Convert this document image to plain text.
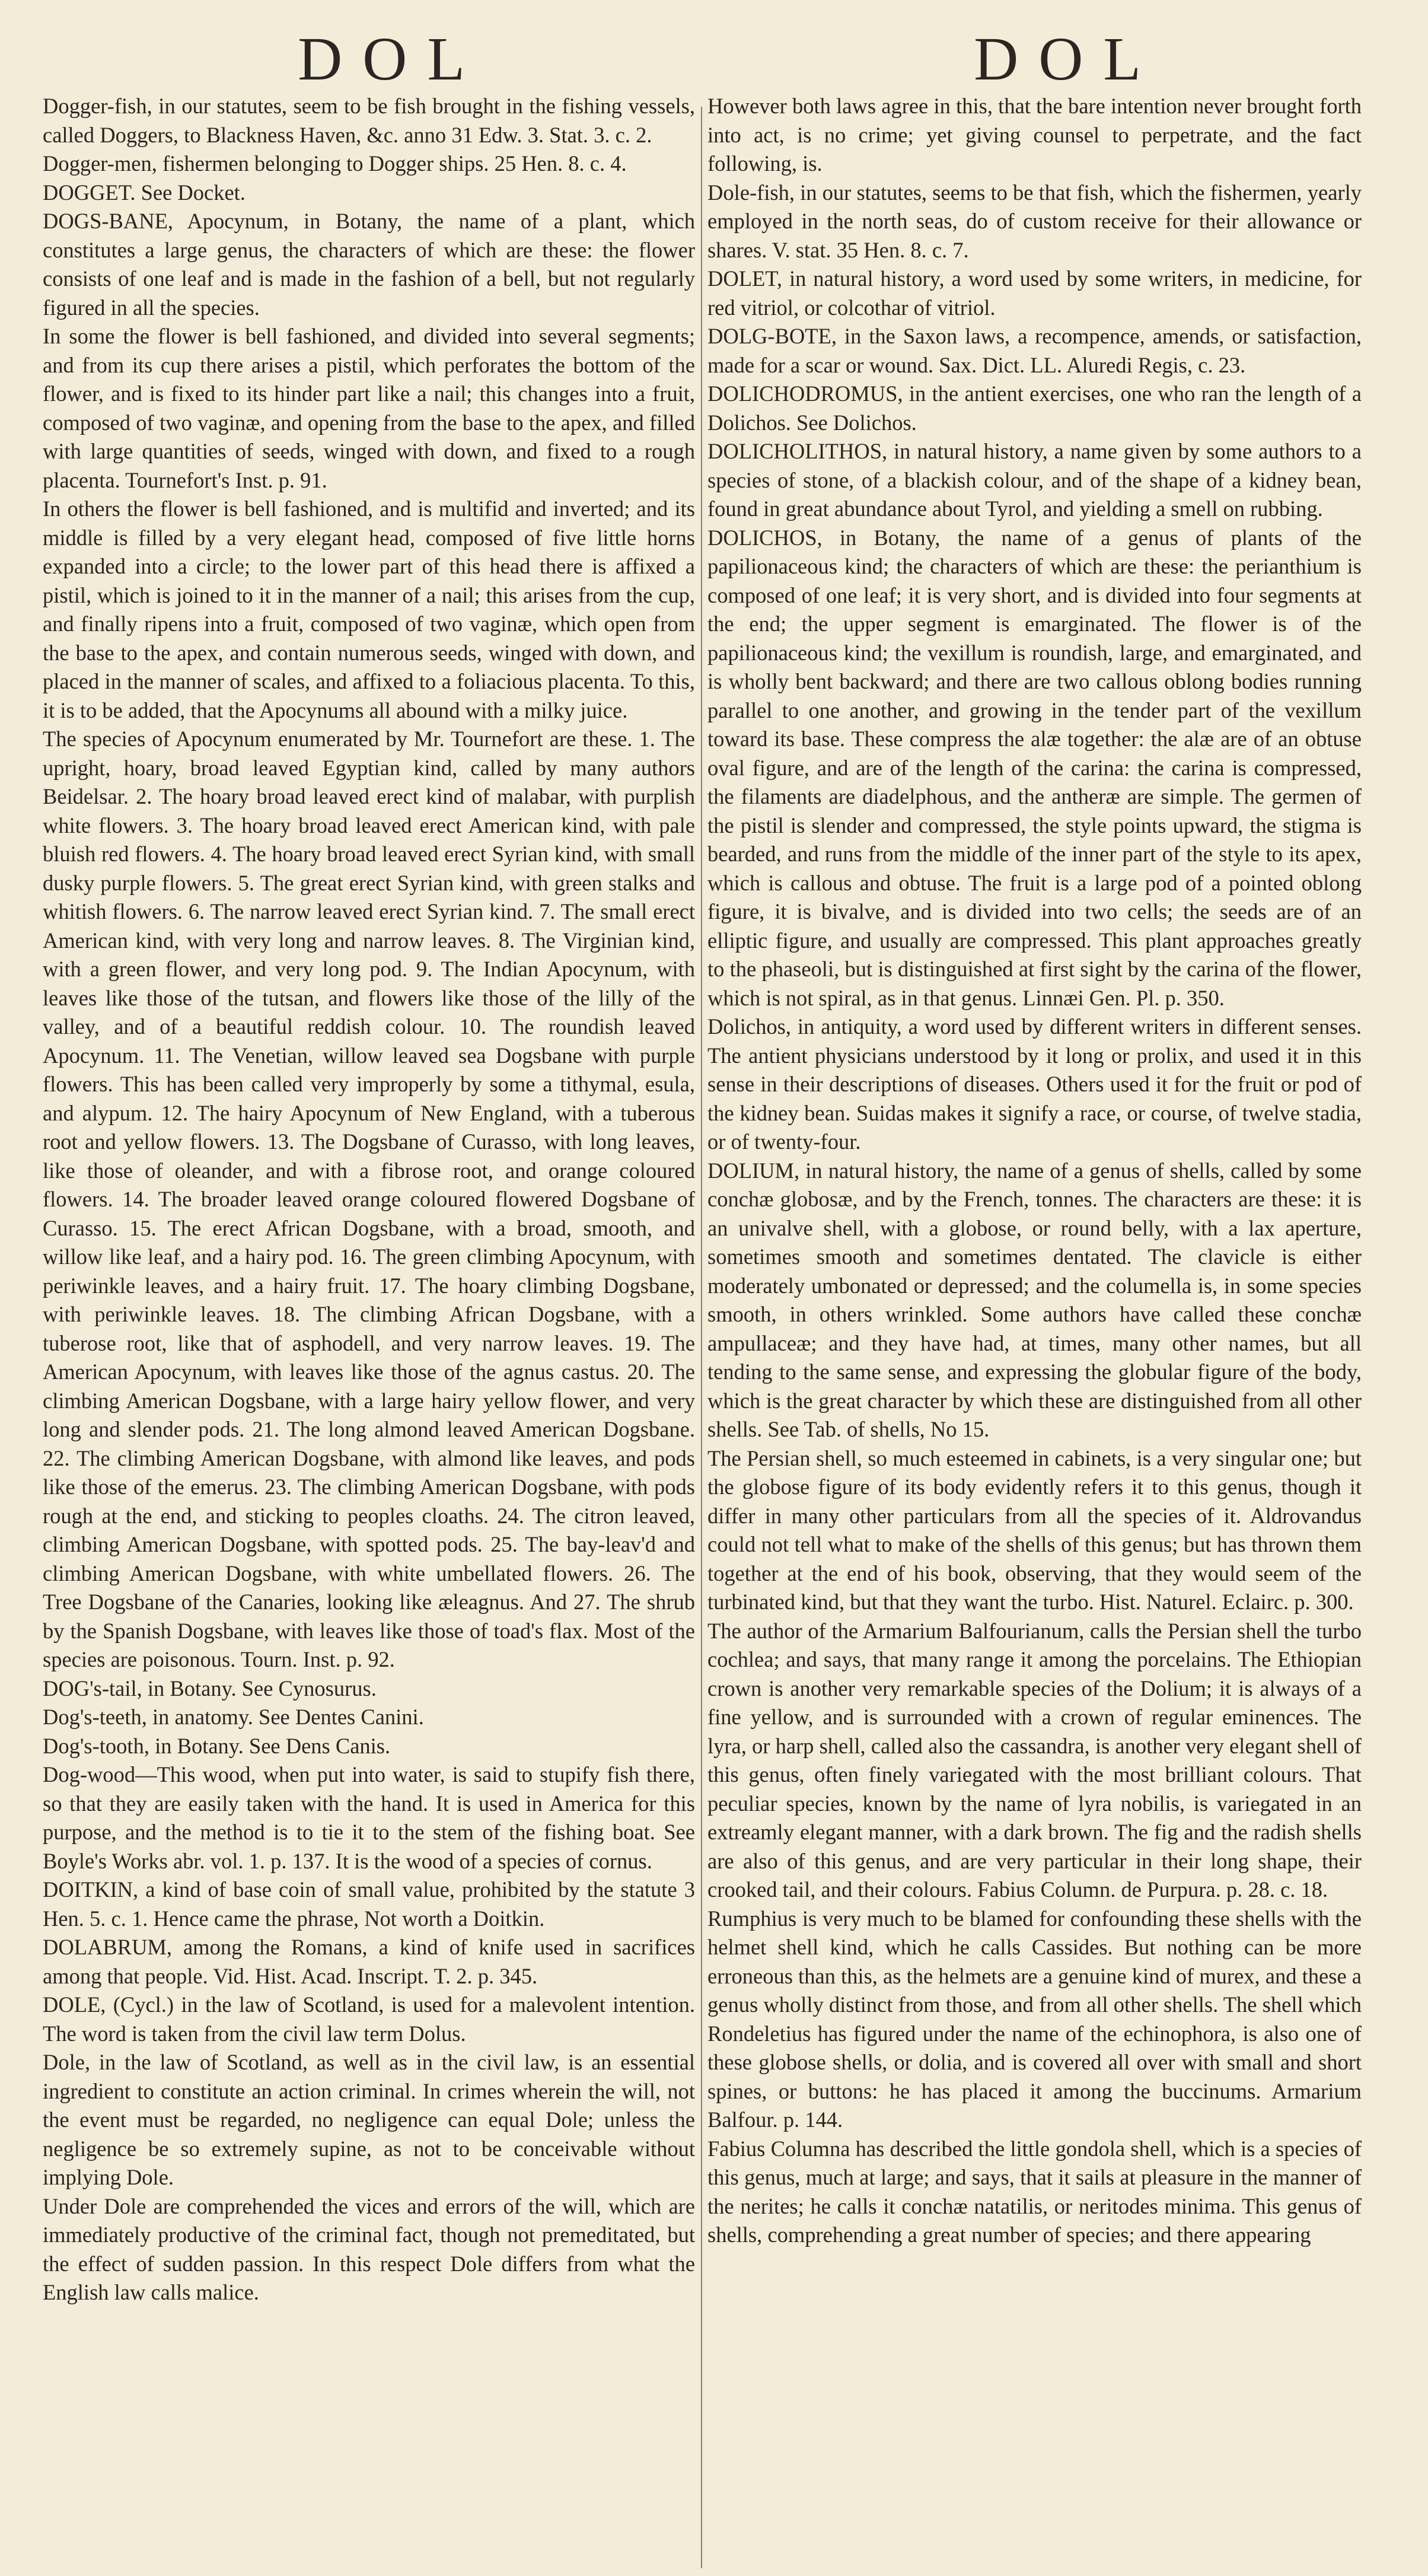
DOL	DOL

Dogger-fish, in our statutes, seem to be fish brought in the fishing vessels, called Doggers, to Blackness Haven, &c. anno 31 Edw. 3. Stat. 3. c. 2.

Dogger-men, fishermen belonging to Dogger ships. 25 Hen. 8. c. 4.

DOGGET. See Docket.

DOGS-BANE, Apocynum, in Botany, the name of a plant, which constitutes a large genus, the characters of which are these: the flower consists of one leaf and is made in the fashion of a bell, but not regularly figured in all the species.

In some the flower is bell fashioned, and divided into several segments; and from its cup there arises a pistil, which perforates the bottom of the flower, and is fixed to its hinder part like a nail; this changes into a fruit, composed of two vaginæ, and opening from the base to the apex, and filled with large quantities of seeds, winged with down, and fixed to a rough placenta. Tournefort's Inst. p. 91.

In others the flower is bell fashioned, and is multifid and inverted; and its middle is filled by a very elegant head, composed of five little horns expanded into a circle; to the lower part of this head there is affixed a pistil, which is joined to it in the manner of a nail; this arises from the cup, and finally ripens into a fruit, composed of two vaginæ, which open from the base to the apex, and contain numerous seeds, winged with down, and placed in the manner of scales, and affixed to a foliacious placenta. To this, it is to be added, that the Apocynums all abound with a milky juice.

The species of Apocynum enumerated by Mr. Tournefort are these. 1. The upright, hoary, broad leaved Egyptian kind, called by many authors Beidelsar. 2. The hoary broad leaved erect kind of malabar, with purplish white flowers. 3. The hoary broad leaved erect American kind, with pale bluish red flowers. 4. The hoary broad leaved erect Syrian kind, with small dusky purple flowers. 5. The great erect Syrian kind, with green stalks and whitish flowers. 6. The narrow leaved erect Syrian kind. 7. The small erect American kind, with very long and narrow leaves. 8. The Virginian kind, with a green flower, and very long pod. 9. The Indian Apocynum, with leaves like those of the tutsan, and flowers like those of the lilly of the valley, and of a beautiful reddish colour. 10. The roundish leaved Apocynum. 11. The Venetian, willow leaved sea Dogsbane with purple flowers. This has been called very improperly by some a tithymal, esula, and alypum. 12. The hairy Apocynum of New England, with a tuberous root and yellow flowers. 13. The Dogsbane of Curasso, with long leaves, like those of oleander, and with a fibrose root, and orange coloured flowers. 14. The broader leaved orange coloured flowered Dogsbane of Curasso. 15. The erect African Dogsbane, with a broad, smooth, and willow like leaf, and a hairy pod. 16. The green climbing Apocynum, with periwinkle leaves, and a hairy fruit. 17. The hoary climbing Dogsbane, with periwinkle leaves. 18. The climbing African Dogsbane, with a tuberose root, like that of asphodell, and very narrow leaves. 19. The American Apocynum, with leaves like those of the agnus castus. 20. The climbing American Dogsbane, with a large hairy yellow flower, and very long and slender pods. 21. The long almond leaved American Dogsbane. 22. The climbing American Dogsbane, with almond like leaves, and pods like those of the emerus. 23. The climbing American Dogsbane, with pods rough at the end, and sticking to peoples cloaths. 24. The citron leaved, climbing American Dogsbane, with spotted pods. 25. The bay-leav'd and climbing American Dogsbane, with white umbellated flowers. 26. The Tree Dogsbane of the Canaries, looking like æleagnus. And 27. The shrub by the Spanish Dogsbane, with leaves like those of toad's flax. Most of the species are poisonous. Tourn. Inst. p. 92.

DOG's-tail, in Botany. See Cynosurus.

Dog's-teeth, in anatomy. See Dentes Canini.

Dog's-tooth, in Botany. See Dens Canis.

Dog-wood—This wood, when put into water, is said to stupify fish there, so that they are easily taken with the hand. It is used in America for this purpose, and the method is to tie it to the stem of the fishing boat. See Boyle's Works abr. vol. 1. p. 137. It is the wood of a species of cornus.

DOITKIN, a kind of base coin of small value, prohibited by the statute 3 Hen. 5. c. 1. Hence came the phrase, Not worth a Doitkin.

DOLABRUM, among the Romans, a kind of knife used in sacrifices among that people. Vid. Hist. Acad. Inscript. T. 2. p. 345.

DOLE, (Cycl.) in the law of Scotland, is used for a malevolent intention. The word is taken from the civil law term Dolus.

Dole, in the law of Scotland, as well as in the civil law, is an essential ingredient to constitute an action criminal. In crimes wherein the will, not the event must be regarded, no negligence can equal Dole; unless the negligence be so extremely supine, as not to be conceivable without implying Dole.

Under Dole are comprehended the vices and errors of the will, which are immediately productive of the criminal fact, though not premeditated, but the effect of sudden passion. In this respect Dole differs from what the English law calls malice.

However both laws agree in this, that the bare intention never brought forth into act, is no crime; yet giving counsel to perpetrate, and the fact following, is.

Dole-fish, in our statutes, seems to be that fish, which the fishermen, yearly employed in the north seas, do of custom receive for their allowance or shares. V. stat. 35 Hen. 8. c. 7.

DOLET, in natural history, a word used by some writers, in medicine, for red vitriol, or colcothar of vitriol.

DOLG-BOTE, in the Saxon laws, a recompence, amends, or satisfaction, made for a scar or wound. Sax. Dict. LL. Aluredi Regis, c. 23.

DOLICHODROMUS, in the antient exercises, one who ran the length of a Dolichos. See Dolichos.

DOLICHOLITHOS, in natural history, a name given by some authors to a species of stone, of a blackish colour, and of the shape of a kidney bean, found in great abundance about Tyrol, and yielding a smell on rubbing.

DOLICHOS, in Botany, the name of a genus of plants of the papilionaceous kind; the characters of which are these: the perianthium is composed of one leaf; it is very short, and is divided into four segments at the end; the upper segment is emarginated. The flower is of the papilionaceous kind; the vexillum is roundish, large, and emarginated, and is wholly bent backward; and there are two callous oblong bodies running parallel to one another, and growing in the tender part of the vexillum toward its base. These compress the alæ together: the alæ are of an obtuse oval figure, and are of the length of the carina: the carina is compressed, the filaments are diadelphous, and the antheræ are simple. The germen of the pistil is slender and compressed, the style points upward, the stigma is bearded, and runs from the middle of the inner part of the style to its apex, which is callous and obtuse. The fruit is a large pod of a pointed oblong figure, it is bivalve, and is divided into two cells; the seeds are of an elliptic figure, and usually are compressed. This plant approaches greatly to the phaseoli, but is distinguished at first sight by the carina of the flower, which is not spiral, as in that genus. Linnæi Gen. Pl. p. 350.

Dolichos, in antiquity, a word used by different writers in different senses. The antient physicians understood by it long or prolix, and used it in this sense in their descriptions of diseases. Others used it for the fruit or pod of the kidney bean. Suidas makes it signify a race, or course, of twelve stadia, or of twenty-four.

DOLIUM, in natural history, the name of a genus of shells, called by some conchæ globosæ, and by the French, tonnes. The characters are these: it is an univalve shell, with a globose, or round belly, with a lax aperture, sometimes smooth and sometimes dentated. The clavicle is either moderately umbonated or depressed; and the columella is, in some species smooth, in others wrinkled. Some authors have called these conchæ ampullaceæ; and they have had, at times, many other names, but all tending to the same sense, and expressing the globular figure of the body, which is the great character by which these are distinguished from all other shells. See Tab. of shells, No 15.

The Persian shell, so much esteemed in cabinets, is a very singular one; but the globose figure of its body evidently refers it to this genus, though it differ in many other particulars from all the species of it. Aldrovandus could not tell what to make of the shells of this genus; but has thrown them together at the end of his book, observing, that they would seem of the turbinated kind, but that they want the turbo. Hist. Naturel. Eclairc. p. 300.

The author of the Armarium Balfourianum, calls the Persian shell the turbo cochlea; and says, that many range it among the porcelains. The Ethiopian crown is another very remarkable species of the Dolium; it is always of a fine yellow, and is surrounded with a crown of regular eminences. The lyra, or harp shell, called also the cassandra, is another very elegant shell of this genus, often finely variegated with the most brilliant colours. That peculiar species, known by the name of lyra nobilis, is variegated in an extreamly elegant manner, with a dark brown. The fig and the radish shells are also of this genus, and are very particular in their long shape, their crooked tail, and their colours. Fabius Column. de Purpura. p. 28. c. 18.

Rumphius is very much to be blamed for confounding these shells with the helmet shell kind, which he calls Cassides. But nothing can be more erroneous than this, as the helmets are a genuine kind of murex, and these a genus wholly distinct from those, and from all other shells. The shell which Rondeletius has figured under the name of the echinophora, is also one of these globose shells, or dolia, and is covered all over with small and short spines, or buttons: he has placed it among the buccinums. Armarium Balfour. p. 144.

Fabius Columna has described the little gondola shell, which is a species of this genus, much at large; and says, that it sails at pleasure in the manner of the nerites; he calls it conchæ natatilis, or neritodes minima. This genus of shells, comprehending a great number of species; and there appearing
